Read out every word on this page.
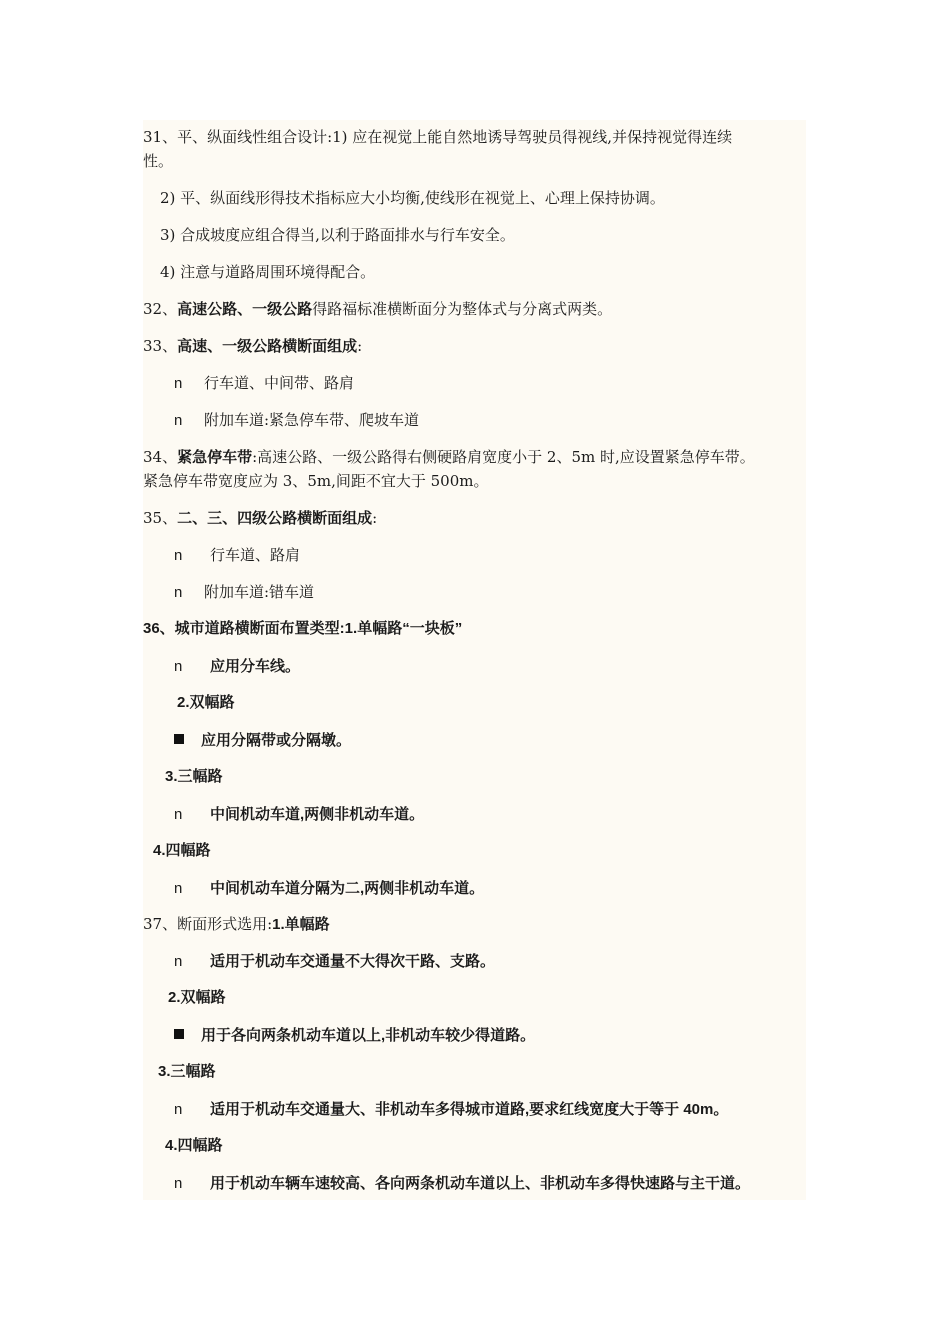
31、平、纵面线性组合设计:1) 应在视觉上能自然地诱导驾驶员得视线,并保持视觉得连续
性。
2) 平、纵面线形得技术指标应大小均衡,使线形在视觉上、心理上保持协调。
3) 合成坡度应组合得当,以利于路面排水与行车安全。
4) 注意与道路周围环境得配合。
32、高速公路、一级公路得路福标准横断面分为整体式与分离式两类。
33、高速、一级公路横断面组成:
n 行车道、中间带、路肩
n 附加车道:紧急停车带、爬坡车道
34、紧急停车带:高速公路、一级公路得右侧硬路肩宽度小于 2、5m 时,应设置紧急停车带。
紧急停车带宽度应为 3、5m,间距不宜大于 500m。
35、二、三、四级公路横断面组成:
n 行车道、路肩
n 附加车道:错车道
36、城市道路横断面布置类型:1.单幅路“一块板”
n 应用分车线。
2.双幅路
应用分隔带或分隔墩。
3.三幅路
n 中间机动车道,两侧非机动车道。
4.四幅路
n 中间机动车道分隔为二,两侧非机动车道。
37、断面形式选用:1.单幅路
n 适用于机动车交通量不大得次干路、支路。
2.双幅路
用于各向两条机动车道以上,非机动车较少得道路。
3.三幅路
n 适用于机动车交通量大、非机动车多得城市道路,要求红线宽度大于等于 40m。
4.四幅路
n 用于机动车辆车速较高、各向两条机动车道以上、非机动车多得快速路与主干道。
